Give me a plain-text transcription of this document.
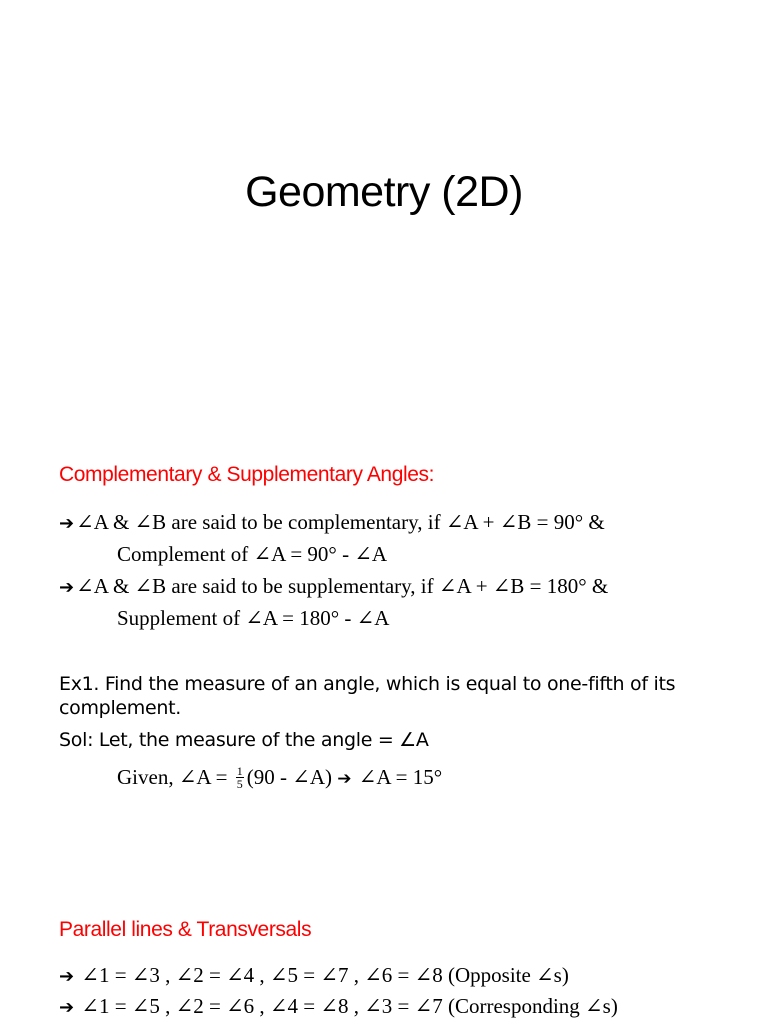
Geometry (2D)
Complementary & Supplementary Angles:
➔∠A & ∠B are said to be complementary, if ∠A + ∠B = 90° &
Complement of ∠A = 90° - ∠A
➔∠A & ∠B are said to be supplementary, if ∠A + ∠B = 180° &
Supplement of ∠A = 180° - ∠A

Ex1. Find the measure of an angle, which is equal to one-fifth of its complement.

Sol: Let, the measure of the angle = ∠A
Given, ∠A = $\frac{1}{5} (90$ - ∠A) ➔ ∠A = 15°
Parallel lines & Transversals
➔ ∠1 = ∠3 , ∠2 = ∠4 , ∠5 = ∠7 , ∠6 = ∠8 (Opposite ∠s)
➔ ∠1 = ∠5 , ∠2 = ∠6 , ∠4 = ∠8 , ∠3 = ∠7 (Corresponding ∠s)
